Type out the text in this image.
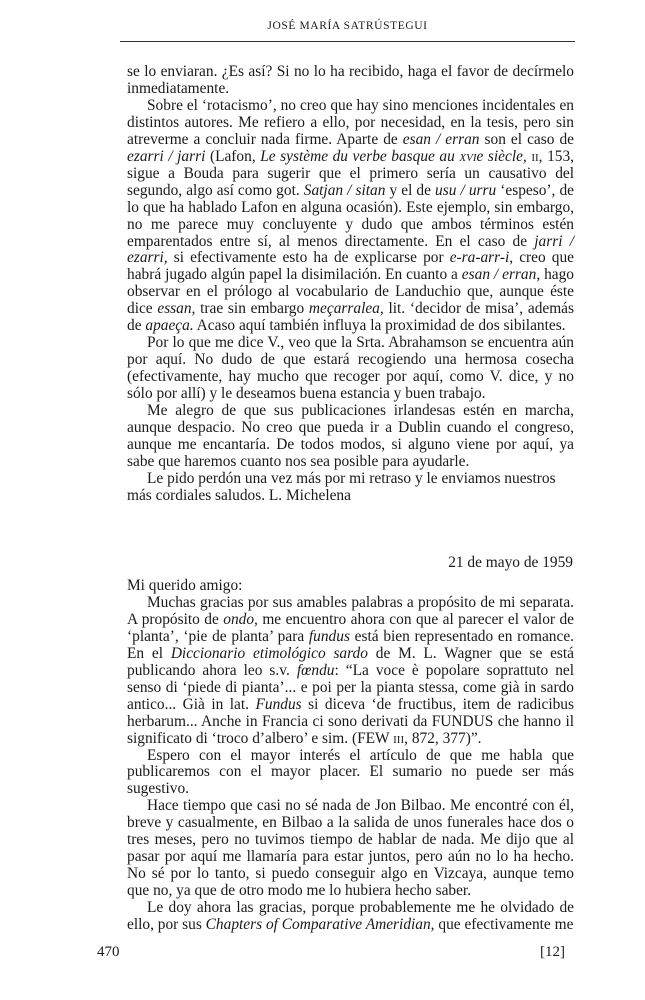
JOSÉ MARÍA SATRÚSTEGUI

se lo enviaran. ¿Es así? Si no lo ha recibido, haga el favor de decírmelo inmediatamente.

Sobre el ‘rotacismo’, no creo que hay sino menciones incidentales en distintos autores. Me refiero a ello, por necesidad, en la tesis, pero sin atreverme a concluir nada firme. Aparte de esan / erran son el caso de ezarri / jarri (Lafon, Le système du verbe basque au xvie siècle, ii, 153, sigue a Bouda para sugerir que el primero sería un causativo del segundo, algo así como got. Satjan / sitan y el de usu / urru ‘espeso’, de lo que ha hablado Lafon en alguna ocasión). Este ejemplo, sin embargo, no me parece muy concluyente y dudo que ambos términos estén emparentados entre sí, al menos directamente. En el caso de jarri / ezarri, si efectivamente esto ha de explicarse por e-ra-arr-i, creo que habrá jugado algún papel la disimilación. En cuanto a esan / erran, hago observar en el prólogo al vocabulario de Landuchio que, aunque éste dice essan, trae sin embargo meçarralea, lit. ‘decidor de misa’, además de apaeça. Acaso aquí también influya la proximidad de dos sibilantes.

Por lo que me dice V., veo que la Srta. Abrahamson se encuentra aún por aquí. No dudo de que estará recogiendo una hermosa cosecha (efectivamente, hay mucho que recoger por aquí, como V. dice, y no sólo por allí) y le deseamos buena estancia y buen trabajo.

Me alegro de que sus publicaciones irlandesas estén en marcha, aunque despacio. No creo que pueda ir a Dublin cuando el congreso, aunque me encantaría. De todos modos, si alguno viene por aquí, ya sabe que haremos cuanto nos sea posible para ayudarle.

Le pido perdón una vez más por mi retraso y le enviamos nuestros más cordiales saludos. L. Michelena

21 de mayo de 1959

Mi querido amigo:

Muchas gracias por sus amables palabras a propósito de mi separata. A propósito de ondo, me encuentro ahora con que al parecer el valor de ‘planta’, ‘pie de planta’ para fundus está bien representado en romance. En el Diccionario etimológico sardo de M. L. Wagner que se está publicando ahora leo s.v. fœndu: “La voce è popolare soprattuto nel senso di ‘piede di pianta’... e poi per la pianta stessa, come già in sardo antico... Già in lat. Fundus si diceva ‘de fructibus, item de radicibus herbarum... Anche in Francia ci sono derivati da FUNDUS che hanno il significato di ‘troco d’albero’ e sim. (FEW iii, 872, 377)”.

Espero con el mayor interés el artículo de que me habla que publicaremos con el mayor placer. El sumario no puede ser más sugestivo.

Hace tiempo que casi no sé nada de Jon Bilbao. Me encontré con él, breve y casualmente, en Bilbao a la salida de unos funerales hace dos o tres meses, pero no tuvimos tiempo de hablar de nada. Me dijo que al pasar por aquí me llamaría para estar juntos, pero aún no lo ha hecho. No sé por lo tanto, si puedo conseguir algo en Vizcaya, aunque temo que no, ya que de otro modo me lo hubiera hecho saber.

Le doy ahora las gracias, porque probablemente me he olvidado de ello, por sus Chapters of Comparative Ameridian, que efectivamente me

470	[12]
